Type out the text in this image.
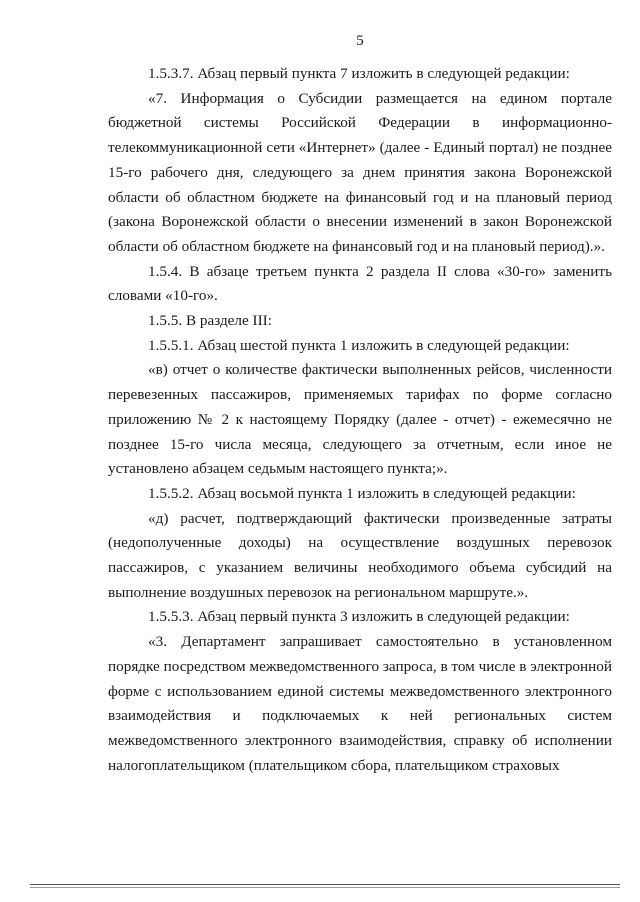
5

1.5.3.7. Абзац первый пункта 7 изложить в следующей редакции:

«7. Информация о Субсидии размещается на едином портале бюджетной системы Российской Федерации в информационно-телекоммуникационной сети «Интернет» (далее - Единый портал) не позднее 15-го рабочего дня, следующего за днем принятия закона Воронежской области об областном бюджете на финансовый год и на плановый период (закона Воронежской области о внесении изменений в закон Воронежской области об областном бюджете на финансовый год и на плановый период).».

1.5.4. В абзаце третьем пункта 2 раздела II слова «30-го» заменить словами «10-го».

1.5.5. В разделе III:

1.5.5.1. Абзац шестой пункта 1 изложить в следующей редакции:

«в) отчет о количестве фактически выполненных рейсов, численности перевезенных пассажиров, применяемых тарифах по форме согласно приложению № 2 к настоящему Порядку (далее - отчет) - ежемесячно не позднее 15-го числа месяца, следующего за отчетным, если иное не установлено абзацем седьмым настоящего пункта;».

1.5.5.2. Абзац восьмой пункта 1 изложить в следующей редакции:

«д) расчет, подтверждающий фактически произведенные затраты (недополученные доходы) на осуществление воздушных перевозок пассажиров, с указанием величины необходимого объема субсидий на выполнение воздушных перевозок на региональном маршруте.».

1.5.5.3. Абзац первый пункта 3 изложить в следующей редакции:

«3. Департамент запрашивает самостоятельно в установленном порядке посредством межведомственного запроса, в том числе в электронной форме с использованием единой системы межведомственного электронного взаимодействия и подключаемых к ней региональных систем межведомственного электронного взаимодействия, справку об исполнении налогоплательщиком (плательщиком сбора, плательщиком страховых
